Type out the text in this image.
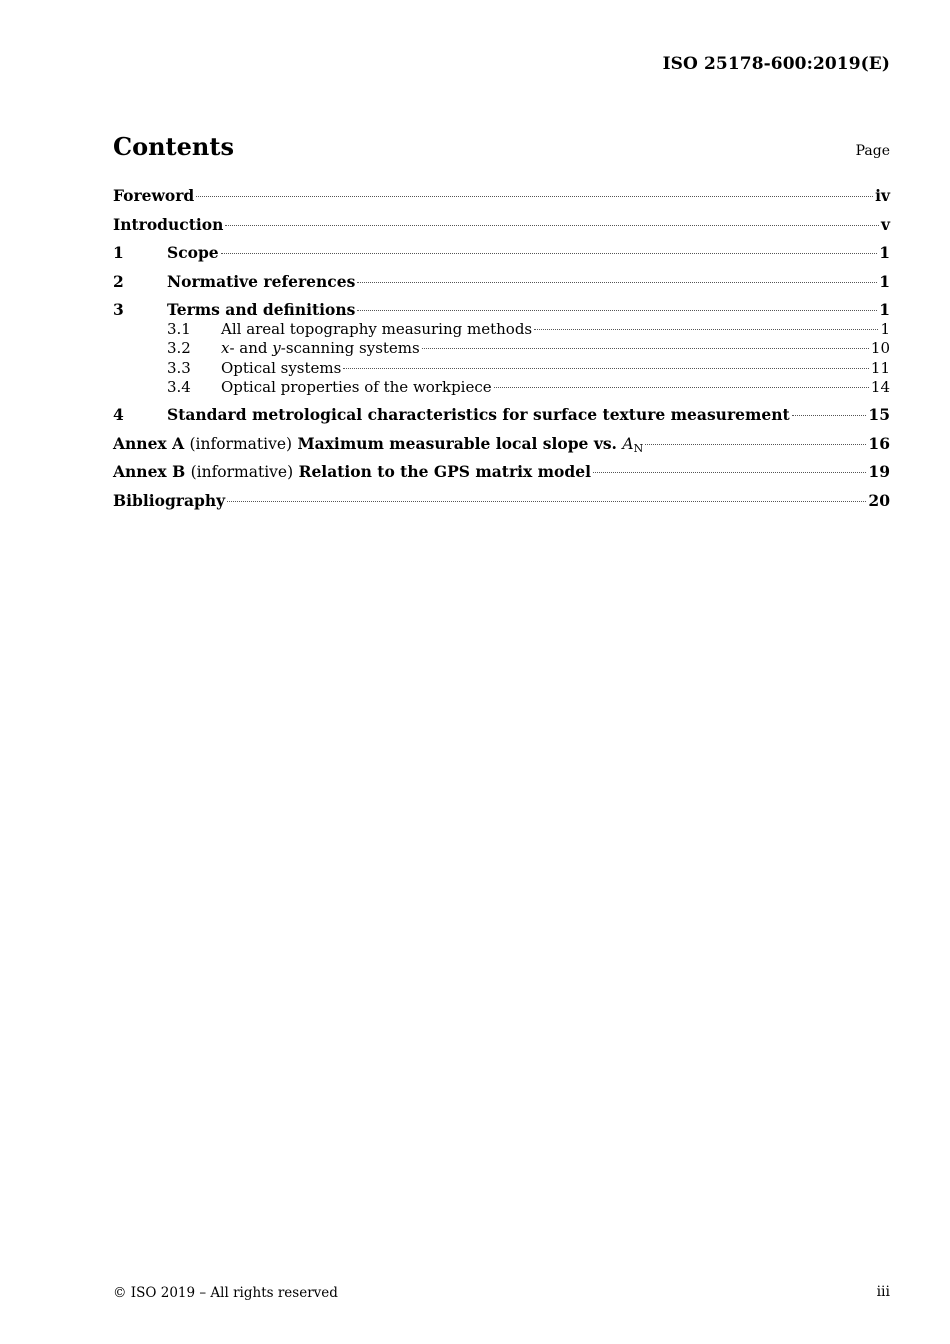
ISO 25178-600:2019(E)
Contents	Page
Foreword	iv
Introduction	v
1	Scope	1
2	Normative references	1
3	Terms and definitions	1
3.1	All areal topography measuring methods	1
3.2	x- and y-scanning systems	10
3.3	Optical systems	11
3.4	Optical properties of the workpiece	14
4	Standard metrological characteristics for surface texture measurement	15
Annex A (informative) Maximum measurable local slope vs. $A_N$	16
Annex B (informative) Relation to the GPS matrix model	19
Bibliography	20
© ISO 2019 – All rights reserved	iii
